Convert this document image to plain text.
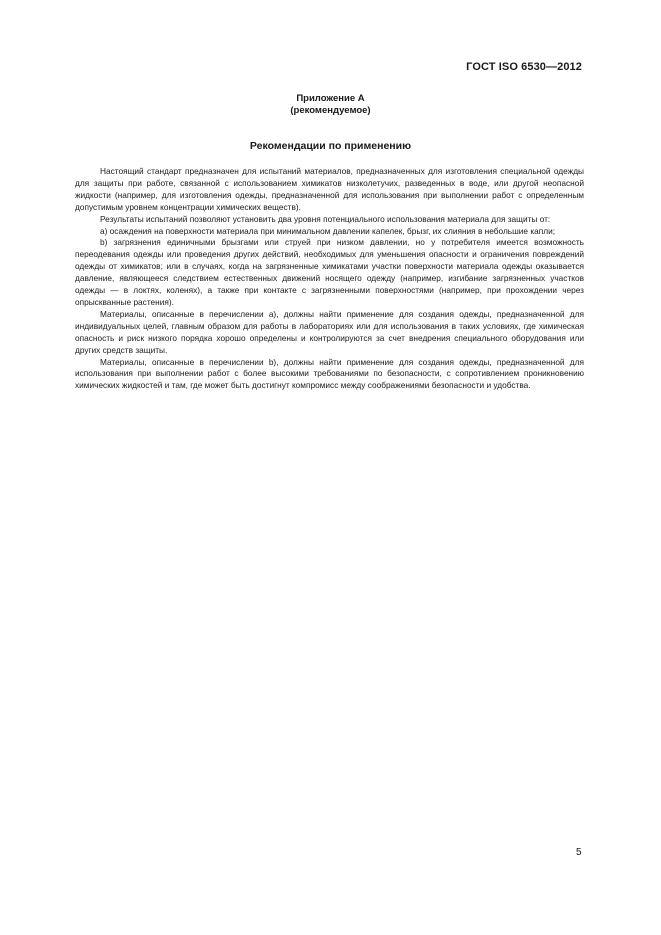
ГОСТ ISO 6530—2012
Приложение А
(рекомендуемое)
Рекомендации по применению

Настоящий стандарт предназначен для испытаний материалов, предназначенных для изготовления специальной одежды для защиты при работе, связанной с использованием химикатов низколетучих, разведенных в воде, или другой неопасной жидкости (например, для изготовления одежды, предназначенной для использования при выполнении работ с определенным допустимым уровнем концентрации химических веществ).

Результаты испытаний позволяют установить два уровня потенциального использования материала для защиты от:

a) осаждения на поверхности материала при минимальном давлении капелек, брызг, их слияния в небольшие капли;

b) загрязнения единичными брызгами или струей при низком давлении, но у потребителя имеется возможность переодевания одежды или проведения других действий, необходимых для уменьшения опасности и ограничения повреждений одежды от химикатов; или в случаях, когда на загрязненные химикатами участки поверхности материала одежды оказывается давление, являющееся следствием естественных движений носящего одежду (например, изгибание загрязненных участков одежды — в локтях, коленях), а также при контакте с загрязненными поверхностями (например, при прохождении через опрыскванные растения).

Материалы, описанные в перечислении а), должны найти применение для создания одежды, предназначенной для индивидуальных целей, главным образом для работы в лабораториях или для использования в таких условиях, где химическая опасность и риск низкого порядка хорошо определены и контролируются за счет внедрения специального оборудования или других средств защиты.

Материалы, описанные в перечислении b), должны найти применение для создания одежды, предназначенной для использования при выполнении работ с более высокими требованиями по безопасности, с сопротивлением проникновению химических жидкостей и там, где может быть достигнут компромисс между соображениями безопасности и удобства.

5
